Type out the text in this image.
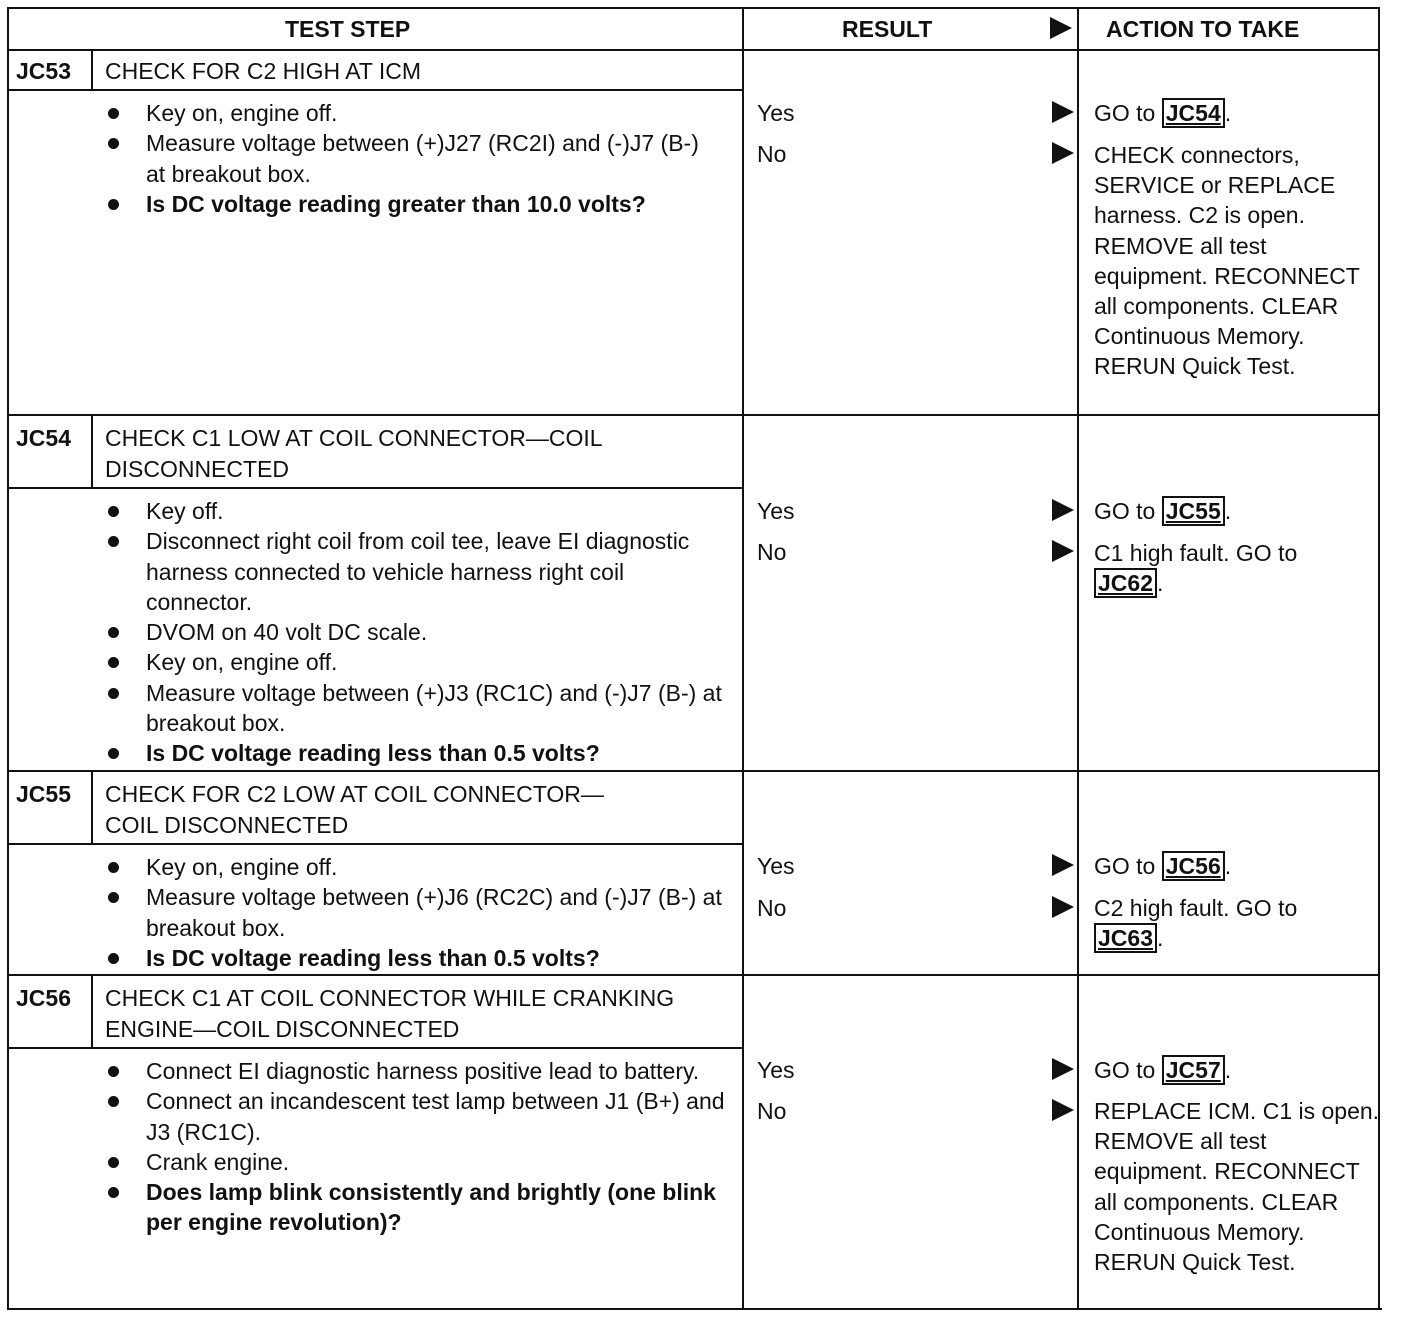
TEST STEP	RESULT	ACTION TO TAKE
JC53 CHECK FOR C2 HIGH AT ICM
Key on, engine off.
Measure voltage between (+)J27 (RC2I) and (-)J7 (B-) at breakout box.
Is DC voltage reading greater than 10.0 volts?
Yes	GO to JC54 .
No	CHECK connectors, SERVICE or REPLACE harness. C2 is open. REMOVE all test equipment. RECONNECT all components. CLEAR Continuous Memory. RERUN Quick Test.
JC54 CHECK C1 LOW AT COIL CONNECTOR—COIL DISCONNECTED
Key off.
Disconnect right coil from coil tee, leave EI diagnostic harness connected to vehicle harness right coil connector.
DVOM on 40 volt DC scale.
Key on, engine off.
Measure voltage between (+)J3 (RC1C) and (-)J7 (B-) at breakout box.
Is DC voltage reading less than 0.5 volts?
Yes	GO to JC55 .
No	C1 high fault. GO to JC62 .
JC55 CHECK FOR C2 LOW AT COIL CONNECTOR—COIL DISCONNECTED
Key on, engine off.
Measure voltage between (+)J6 (RC2C) and (-)J7 (B-) at breakout box.
Is DC voltage reading less than 0.5 volts?
Yes	GO to JC56 .
No	C2 high fault. GO to JC63 .
JC56 CHECK C1 AT COIL CONNECTOR WHILE CRANKING ENGINE—COIL DISCONNECTED
Connect EI diagnostic harness positive lead to battery.
Connect an incandescent test lamp between J1 (B+) and J3 (RC1C).
Crank engine.
Does lamp blink consistently and brightly (one blink per engine revolution)?
Yes	GO to JC57 .
No	REPLACE ICM. C1 is open. REMOVE all test equipment. RECONNECT all components. CLEAR Continuous Memory. RERUN Quick Test.
